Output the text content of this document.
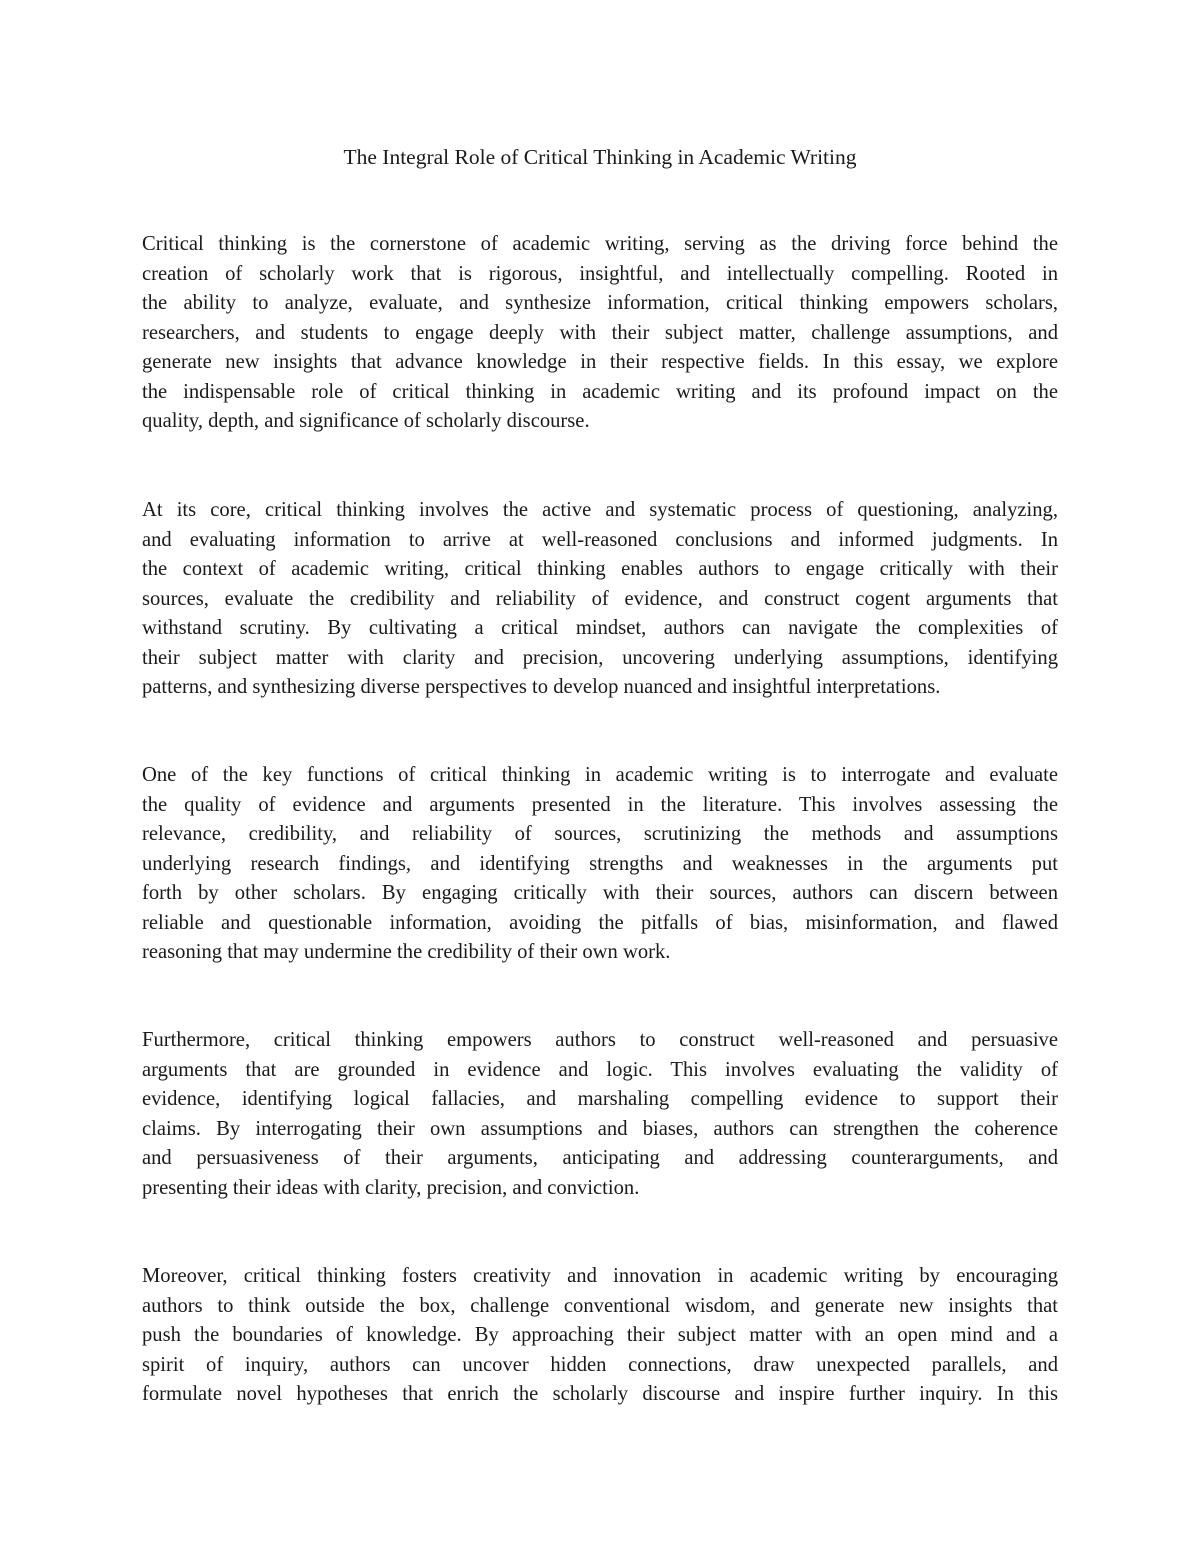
The Integral Role of Critical Thinking in Academic Writing

Critical thinking is the cornerstone of academic writing, serving as the driving force behind the
creation of scholarly work that is rigorous, insightful, and intellectually compelling. Rooted in
the ability to analyze, evaluate, and synthesize information, critical thinking empowers scholars,
researchers, and students to engage deeply with their subject matter, challenge assumptions, and
generate new insights that advance knowledge in their respective fields. In this essay, we explore
the indispensable role of critical thinking in academic writing and its profound impact on the
quality, depth, and significance of scholarly discourse.

At its core, critical thinking involves the active and systematic process of questioning, analyzing,
and evaluating information to arrive at well-reasoned conclusions and informed judgments. In
the context of academic writing, critical thinking enables authors to engage critically with their
sources, evaluate the credibility and reliability of evidence, and construct cogent arguments that
withstand scrutiny. By cultivating a critical mindset, authors can navigate the complexities of
their subject matter with clarity and precision, uncovering underlying assumptions, identifying
patterns, and synthesizing diverse perspectives to develop nuanced and insightful interpretations.

One of the key functions of critical thinking in academic writing is to interrogate and evaluate
the quality of evidence and arguments presented in the literature. This involves assessing the
relevance, credibility, and reliability of sources, scrutinizing the methods and assumptions
underlying research findings, and identifying strengths and weaknesses in the arguments put
forth by other scholars. By engaging critically with their sources, authors can discern between
reliable and questionable information, avoiding the pitfalls of bias, misinformation, and flawed
reasoning that may undermine the credibility of their own work.

Furthermore, critical thinking empowers authors to construct well-reasoned and persuasive
arguments that are grounded in evidence and logic. This involves evaluating the validity of
evidence, identifying logical fallacies, and marshaling compelling evidence to support their
claims. By interrogating their own assumptions and biases, authors can strengthen the coherence
and persuasiveness of their arguments, anticipating and addressing counterarguments, and
presenting their ideas with clarity, precision, and conviction.

Moreover, critical thinking fosters creativity and innovation in academic writing by encouraging
authors to think outside the box, challenge conventional wisdom, and generate new insights that
push the boundaries of knowledge. By approaching their subject matter with an open mind and a
spirit of inquiry, authors can uncover hidden connections, draw unexpected parallels, and
formulate novel hypotheses that enrich the scholarly discourse and inspire further inquiry. In this
